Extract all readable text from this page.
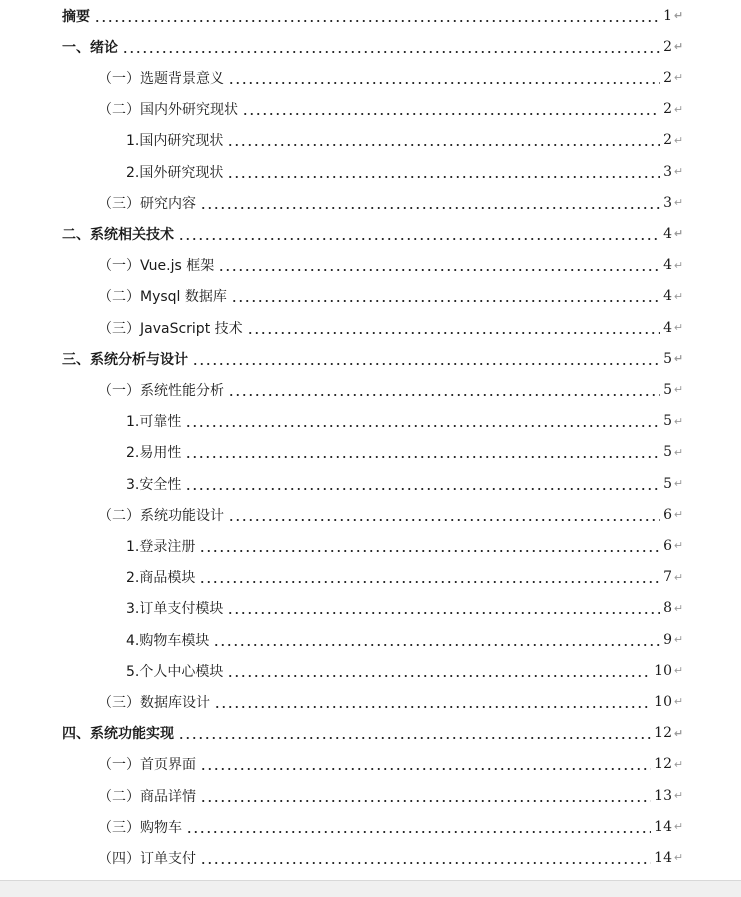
摘要	1 ↵
一、绪论	2 ↵
（一）选题背景意义	2 ↵
（二）国内外研究现状	2 ↵
1.国内研究现状	2 ↵
2.国外研究现状	3 ↵
（三）研究内容	3 ↵
二、系统相关技术	4 ↵
（一）Vue.js 框架	4 ↵
（二）Mysql 数据库	4 ↵
（三）JavaScript 技术	4 ↵
三、系统分析与设计	5 ↵
（一）系统性能分析	5 ↵
1.可靠性	5 ↵
2.易用性	5 ↵
3.安全性	5 ↵
（二）系统功能设计	6 ↵
1.登录注册	6 ↵
2.商品模块	7 ↵
3.订单支付模块	8 ↵
4.购物车模块	9 ↵
5.个人中心模块	10 ↵
（三）数据库设计	10 ↵
四、系统功能实现	12 ↵
（一）首页界面	12 ↵
（二）商品详情	13 ↵
（三）购物车	14 ↵
（四）订单支付	14 ↵
